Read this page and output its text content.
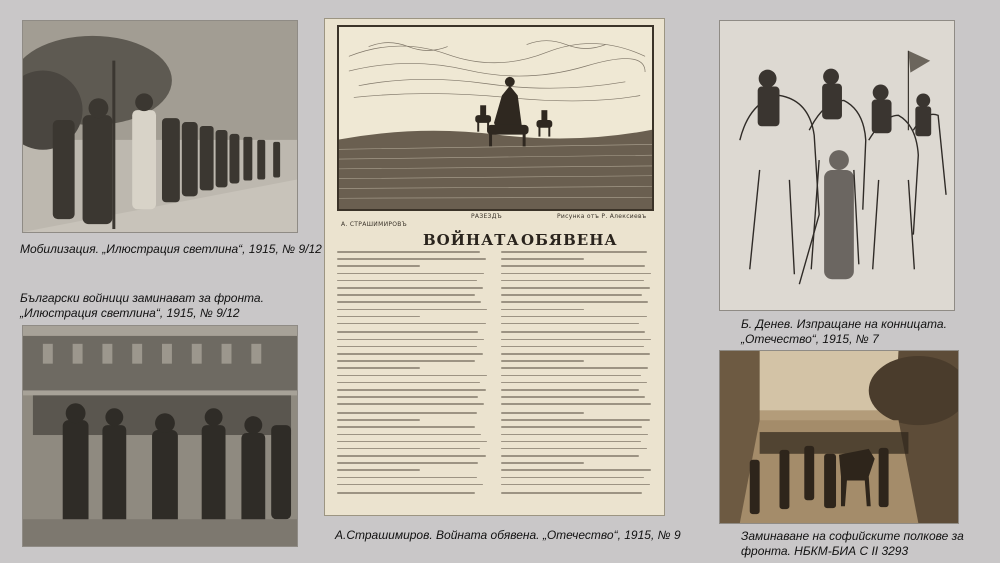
Мобилизация. „Илюстрация светлина“, 1915, № 9/12

Български войници заминават за фронта.
„Илюстрация светлина“, 1915, № 9/12

РАЗЕЗДЪ
А. СТРАШИМИРОВЪ
Рисунка отъ Р. Алексиевъ
ВОЙНАТА ОБЯВЕНА

А.Страшимиров. Войната обявена. „Отечество“, 1915, № 9

Б. Денев. Изпращане на конницата.
„Отечество“, 1915, № 7

Заминаване на софийските полкове за
фронта. НБКМ-БИА С II 3293
